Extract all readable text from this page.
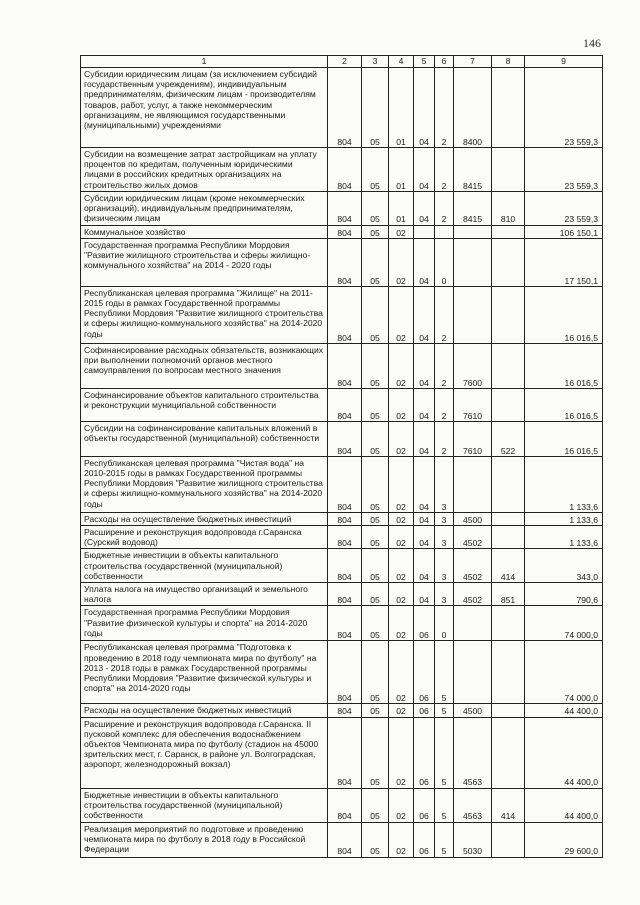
146
1	2	3	4	5	6	7	8	9
Субсидии юридическим лицам (за исключением субсидий государственным учреждениям), индивидуальным предпринимателям, физическим лицам - производителям товаров, работ, услуг, а также некоммерческим организациям, не являющимся государственными (муниципальными) учреждениями	804	05	01	04	2	8400		23 559,3
Субсидии на возмещение затрат застройщикам на уплату процентов по кредитам, полученным юридическими лицами в российских кредитных организациях на строительство жилых домов	804	05	01	04	2	8415		23 559,3
Субсидии юридическим лицам (кроме некоммерческих организаций), индивидуальным предпринимателям, физическим лицам	804	05	01	04	2	8415	810	23 559,3
Коммунальное хозяйство	804	05	02					106 150,1
Государственная программа Республики Мордовия "Развитие жилищного строительства и сферы жилищно-коммунального хозяйства" на 2014 - 2020 годы	804	05	02	04	0			17 150,1
Республиканская целевая программа "Жилище" на 2011-2015 годы в рамках Государственной программы Республики Мордовия "Развитие жилищного строительства и сферы жилищно-коммунального хозяйства" на 2014-2020 годы	804	05	02	04	2			16 016,5
Софинансирование расходных обязательств, возникающих при выполнении полномочий органов местного самоуправления по вопросам местного значения	804	05	02	04	2	7600		16 016,5
Софинансирование объектов капитального строительства и реконструкции муниципальной собственности	804	05	02	04	2	7610		16 016,5
Субсидии на софинансирование капитальных вложений в объекты государственной (муниципальной) собственности	804	05	02	04	2	7610	522	16 016,5
Республиканская целевая программа "Чистая вода" на 2010-2015 годы в рамках Государственной программы Республики Мордовия "Развитие жилищного строительства и сферы жилищно-коммунального хозяйства" на 2014-2020 годы	804	05	02	04	3			1 133,6
Расходы на осуществление бюджетных инвестиций	804	05	02	04	3	4500		1 133,6
Расширение и реконструкция водопровода г.Саранска (Сурский водовод)	804	05	02	04	3	4502		1 133,6
Бюджетные инвестиции в объекты капитального строительства государственной (муниципальной) собственности	804	05	02	04	3	4502	414	343,0
Уплата налога на имущество организаций и земельного налога	804	05	02	04	3	4502	851	790,6
Государственная программа Республики Мордовия "Развитие физической культуры и спорта" на 2014-2020 годы	804	05	02	06	0			74 000,0
Республиканская целевая программа "Подготовка к проведению в 2018 году чемпионата мира по футболу" на 2013 - 2018 годы в рамках Государственной программы Республики Мордовия "Развитие физической культуры и спорта" на 2014-2020 годы	804	05	02	06	5			74 000,0
Расходы на осуществление бюджетных инвестиций	804	05	02	06	5	4500		44 400,0
Расширение и реконструкция водопровода г.Саранска. II пусковой комплекс для обеспечения водоснабжением объектов Чемпионата мира по футболу (стадион на 45000 зрительских мест, г. Саранск, в районе ул. Волгоградская, аэропорт, железнодорожный вокзал)	804	05	02	06	5	4563		44 400,0
Бюджетные инвестиции в объекты капитального строительства государственной (муниципальной) собственности	804	05	02	06	5	4563	414	44 400,0
Реализация мероприятий по подготовке и проведению чемпионата мира по футболу в 2018 году в Российской Федерации	804	05	02	06	5	5030		29 600,0
